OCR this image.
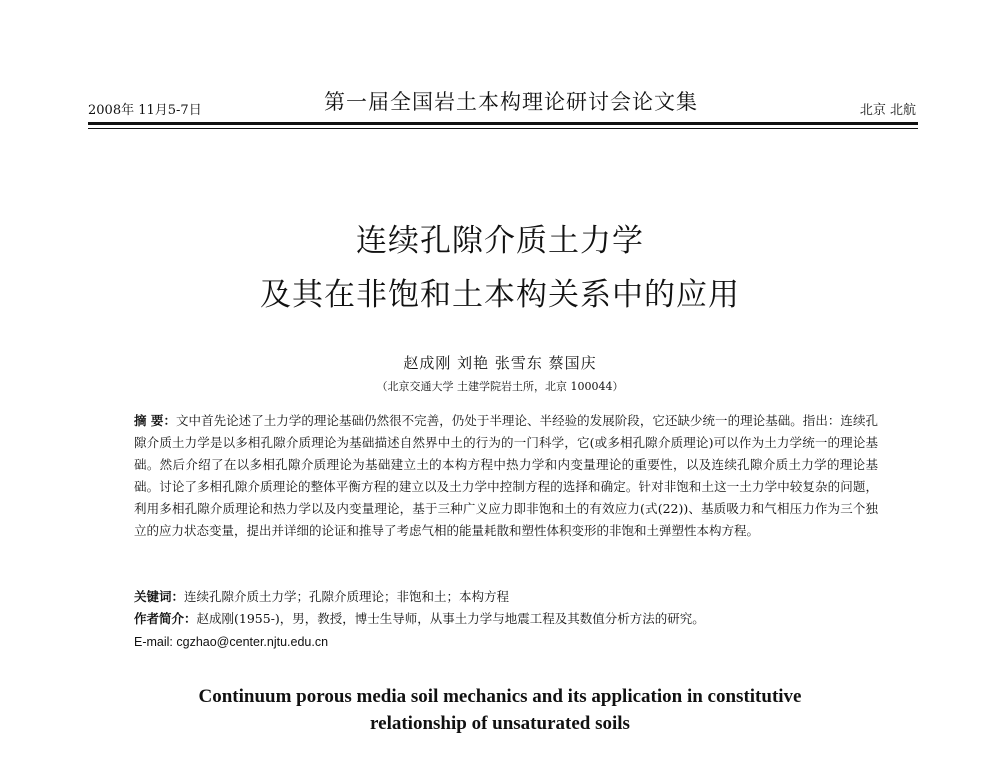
2008年 11月5-7日	第一届全国岩土本构理论研讨会论文集	北京 北航
连续孔隙介质土力学
及其在非饱和土本构关系中的应用
赵成刚 刘艳 张雪东 蔡国庆
（北京交通大学 土建学院岩土所，北京 100044）
摘 要：文中首先论述了土力学的理论基础仍然很不完善，仍处于半理论、半经验的发展阶段，它还缺少统一的理论基础。指出：连续孔隙介质土力学是以多相孔隙介质理论为基础描述自然界中土的行为的一门科学，它(或多相孔隙介质理论)可以作为土力学统一的理论基础。然后介绍了在以多相孔隙介质理论为基础建立土的本构方程中热力学和内变量理论的重要性，以及连续孔隙介质土力学的理论基础。讨论了多相孔隙介质理论的整体平衡方程的建立以及土力学中控制方程的选择和确定。针对非饱和土这一土力学中较复杂的问题，利用多相孔隙介质理论和热力学以及内变量理论，基于三种广义应力即非饱和土的有效应力(式(22))、基质吸力和气相压力作为三个独立的应力状态变量，提出并详细的论证和推导了考虑气相的能量耗散和塑性体积变形的非饱和土弹塑性本构方程。
关键词：连续孔隙介质土力学；孔隙介质理论；非饱和土；本构方程
作者简介：赵成刚(1955-)，男，教授，博士生导师，从事土力学与地震工程及其数值分析方法的研究。
E-mail: cgzhao@center.njtu.edu.cn
Continuum porous media soil mechanics and its application in constitutive
relationship of unsaturated soils
